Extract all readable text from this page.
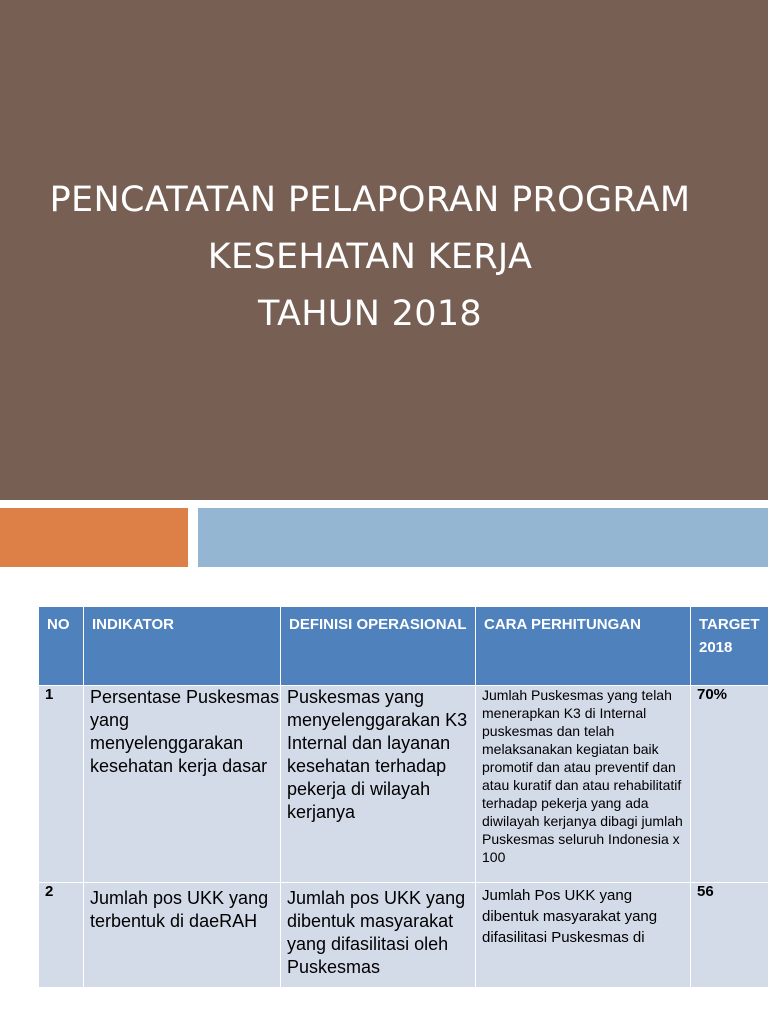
PENCATATAN PELAPORAN PROGRAM
KESEHATAN KERJA
TAHUN 2018
NO	INDIKATOR	DEFINISI OPERASIONAL	CARA PERHITUNGAN	TARGET 2018
1	Persentase Puskesmas yang menyelenggarakan kesehatan kerja dasar	Puskesmas yang menyelenggarakan K3 Internal dan layanan kesehatan terhadap pekerja di wilayah kerjanya	Jumlah Puskesmas yang telah menerapkan K3 di Internal puskesmas dan telah melaksanakan kegiatan baik promotif dan atau preventif dan atau kuratif dan atau rehabilitatif terhadap pekerja yang ada diwilayah kerjanya dibagi jumlah Puskesmas seluruh Indonesia x 100	70%
2	Jumlah pos UKK yang terbentuk di daeRAH	Jumlah pos UKK yang dibentuk masyarakat yang difasilitasi oleh Puskesmas	Jumlah Pos UKK yang dibentuk masyarakat yang difasilitasi Puskesmas di	56
